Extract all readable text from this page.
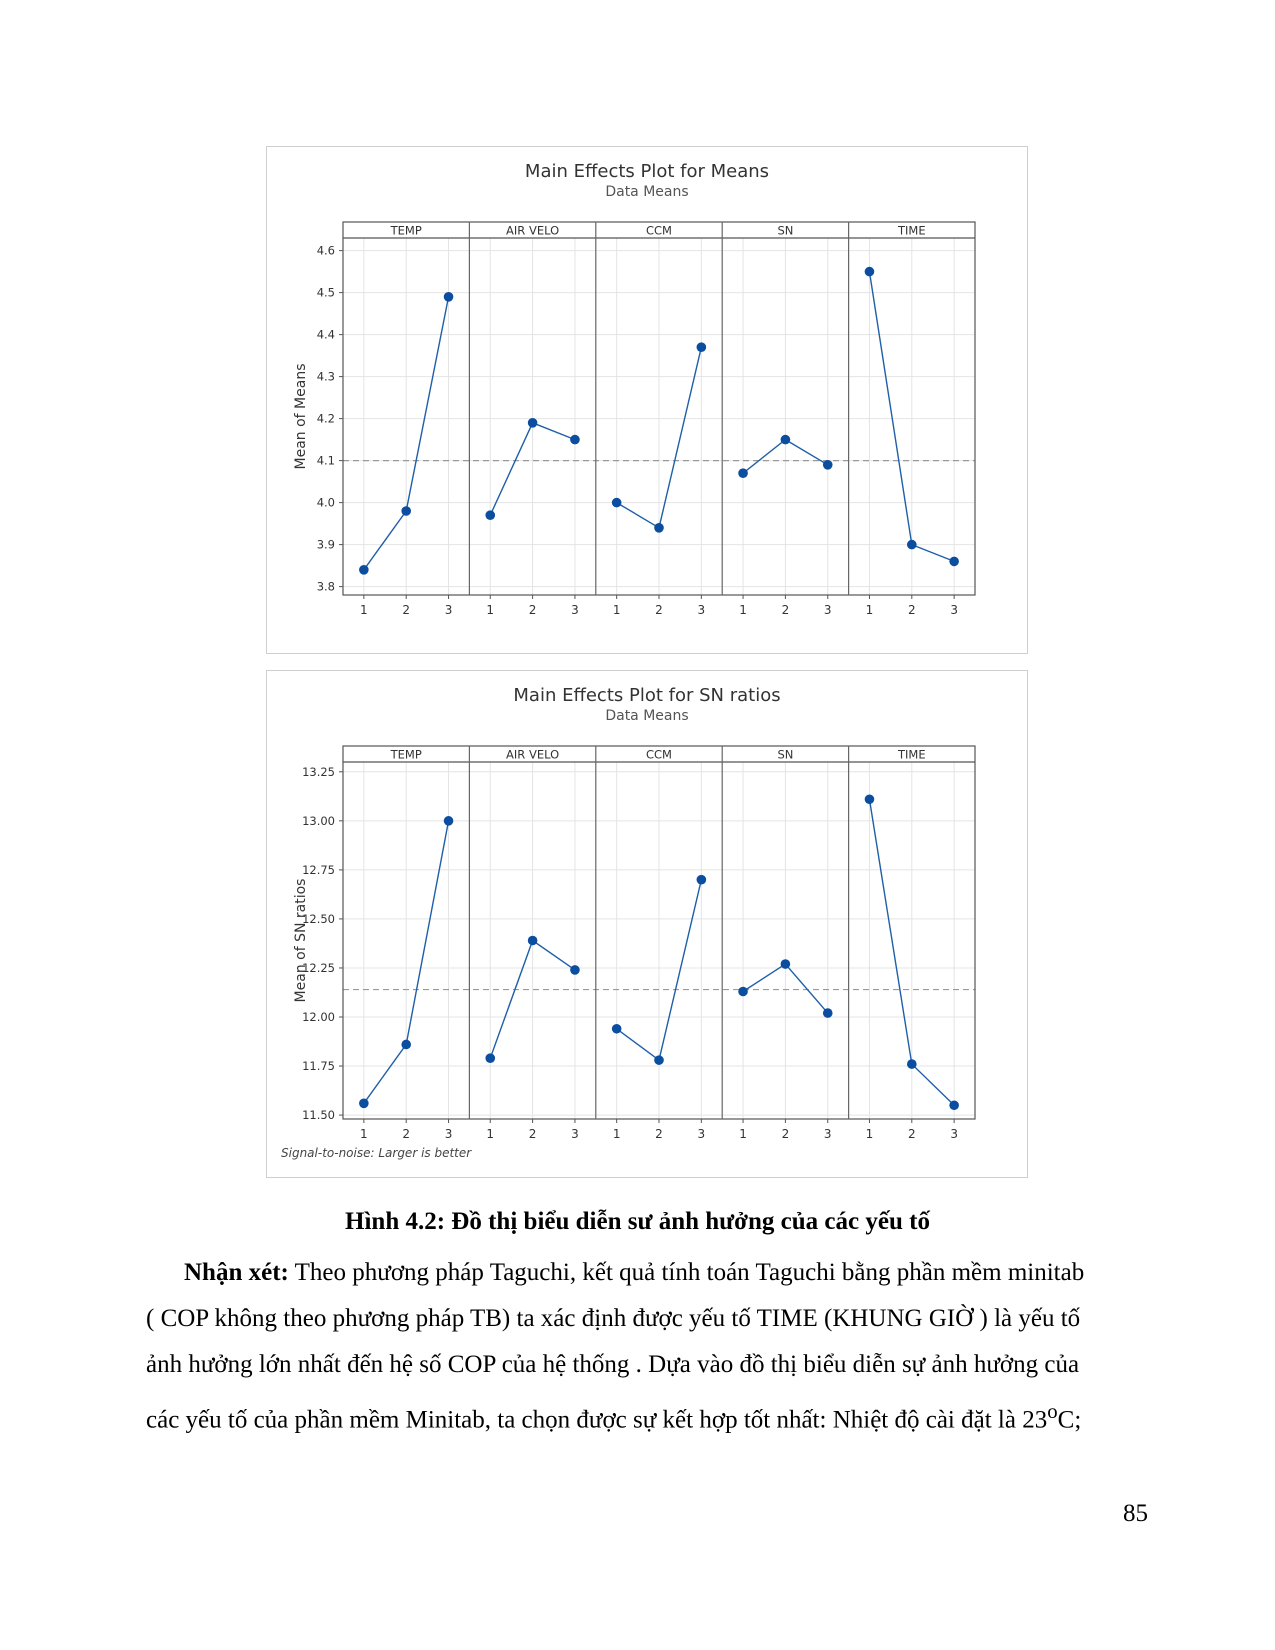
Main Effects Plot for Means
Data Means
TEMP
1	2	3
AIR VELO
1	2	3
CCM
1	2	3
SN
1	2	3
TIME
1	2	3
3.8
3.9
4.0
4.1
4.2
4.3
4.4
4.5
4.6
Mean of Means
Main Effects Plot for SN ratios
Data Means
TEMP
1	2	3
AIR VELO
1	2	3
CCM
1	2	3
SN
1	2	3
TIME
1	2	3
11.50
11.75
12.00
12.25
12.50
12.75
13.00
13.25
Mean of SN ratios
Signal-to-noise: Larger is better
Hình 4.2: Đồ thị biểu diễn sư ảnh hưởng của các yếu tố
Nhận xét: Theo phương pháp Taguchi, kết quả tính toán Taguchi bằng phần mềm minitab
( COP không theo phương pháp TB) ta xác định được yếu tố TIME (KHUNG GIỜ ) là yếu tố
ảnh hưởng lớn nhất đến hệ số COP của hệ thống . Dựa vào đồ thị biểu diễn sự ảnh hưởng của
các yếu tố của phần mềm Minitab, ta chọn được sự kết hợp tốt nhất: Nhiệt độ cài đặt là 23$^o$C;
85
